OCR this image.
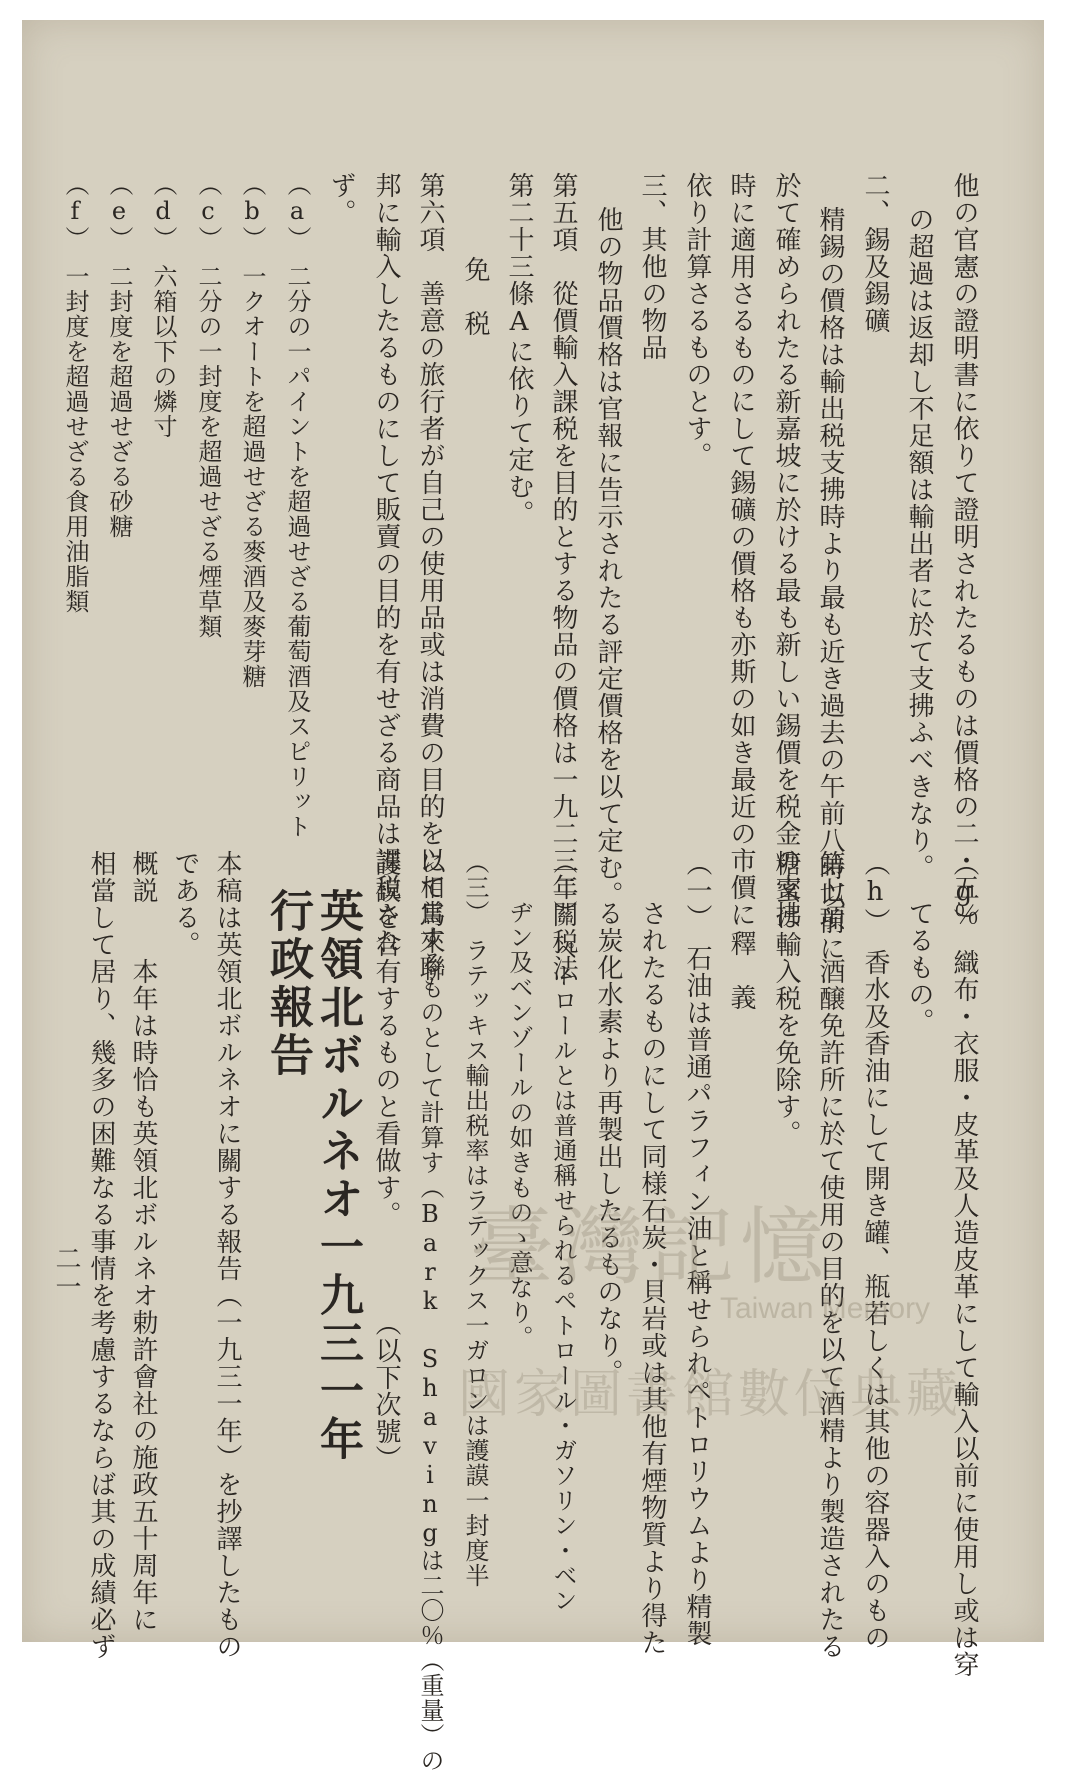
他の官憲の證明書に依りて證明されたるものは價格の二・五％
の超過は返却し不足額は輸出者に於て支拂ふべきなり。
二、錫及錫礦
精錫の價格は輸出税支拂時より最も近き過去の午前八時以前に
於て確められたる新嘉坡に於ける最も新しい錫價を税金の支拂
時に適用さるものにして錫礦の價格も亦斯の如き最近の市價に
依り計算さるものとす。
三、其他の物品
他の物品價格は官報に告示されたる評定價格を以て定む。
第五項　從價輸入課税を目的とする物品の價格は一九二三年關税法
第二十三條Aに依りて定む。
免　税
第六項　善意の旅行者が自己の使用品或は消費の目的を以て馬來聯
邦に輸入したるものにして販賣の目的を有せざる商品は課税され
ず。
（a）　二分の一パイントを超過せざる葡萄酒及スピリット
（b）　一クオートを超過せざる麥酒及麥芽糖
（c）　二分の一封度を超過せざる煙草類
（d）　六箱以下の燐寸
（e）　二封度を超過せざる砂糖
（f）　一封度を超過せざる食用油脂類
（g）　織布・衣服・皮革及人造皮革にして輸入以前に使用し或は穿
てるもの。
（h）　香水及香油にして開き罐、瓶若しくは其他の容器入のもの
第七項　酒醸免許所に於て使用の目的を以て酒精より製造されたる
糖蜜は輸入税を免除す。
釋　義
（一）　石油は普通パラフィン油と稱せられペトロリウムより精製
されたるものにして同様石炭・貝岩或は其他有煙物質より得た
る炭化水素より再製出したるものなり。
（二）　ペトロールとは普通稱せられるペトロール・ガソリン・ベン
ヂン及ベンゾールの如きものゝ意なり。
（三）　ラテッキス輸出税率はラテックス一ガロンは護謨一封度半
に相當するものとして計算す（Bark Shavingは二〇％（重量）の
護謨を含有するものと看做す。　　　　（以下次號）
英領北ボルネオ一九三一年
行政報告
本稿は英領北ボルネオに關する報告（一九三一年）を抄譯したもの
である。
概説　　本年は時恰も英領北ボルネオ勅許會社の施政五十周年に
相當して居り、幾多の困難なる事情を考慮するならば其の成績必ず
二一	臺灣記憶
Taiwan Memory
國家圖書館數位典藏
